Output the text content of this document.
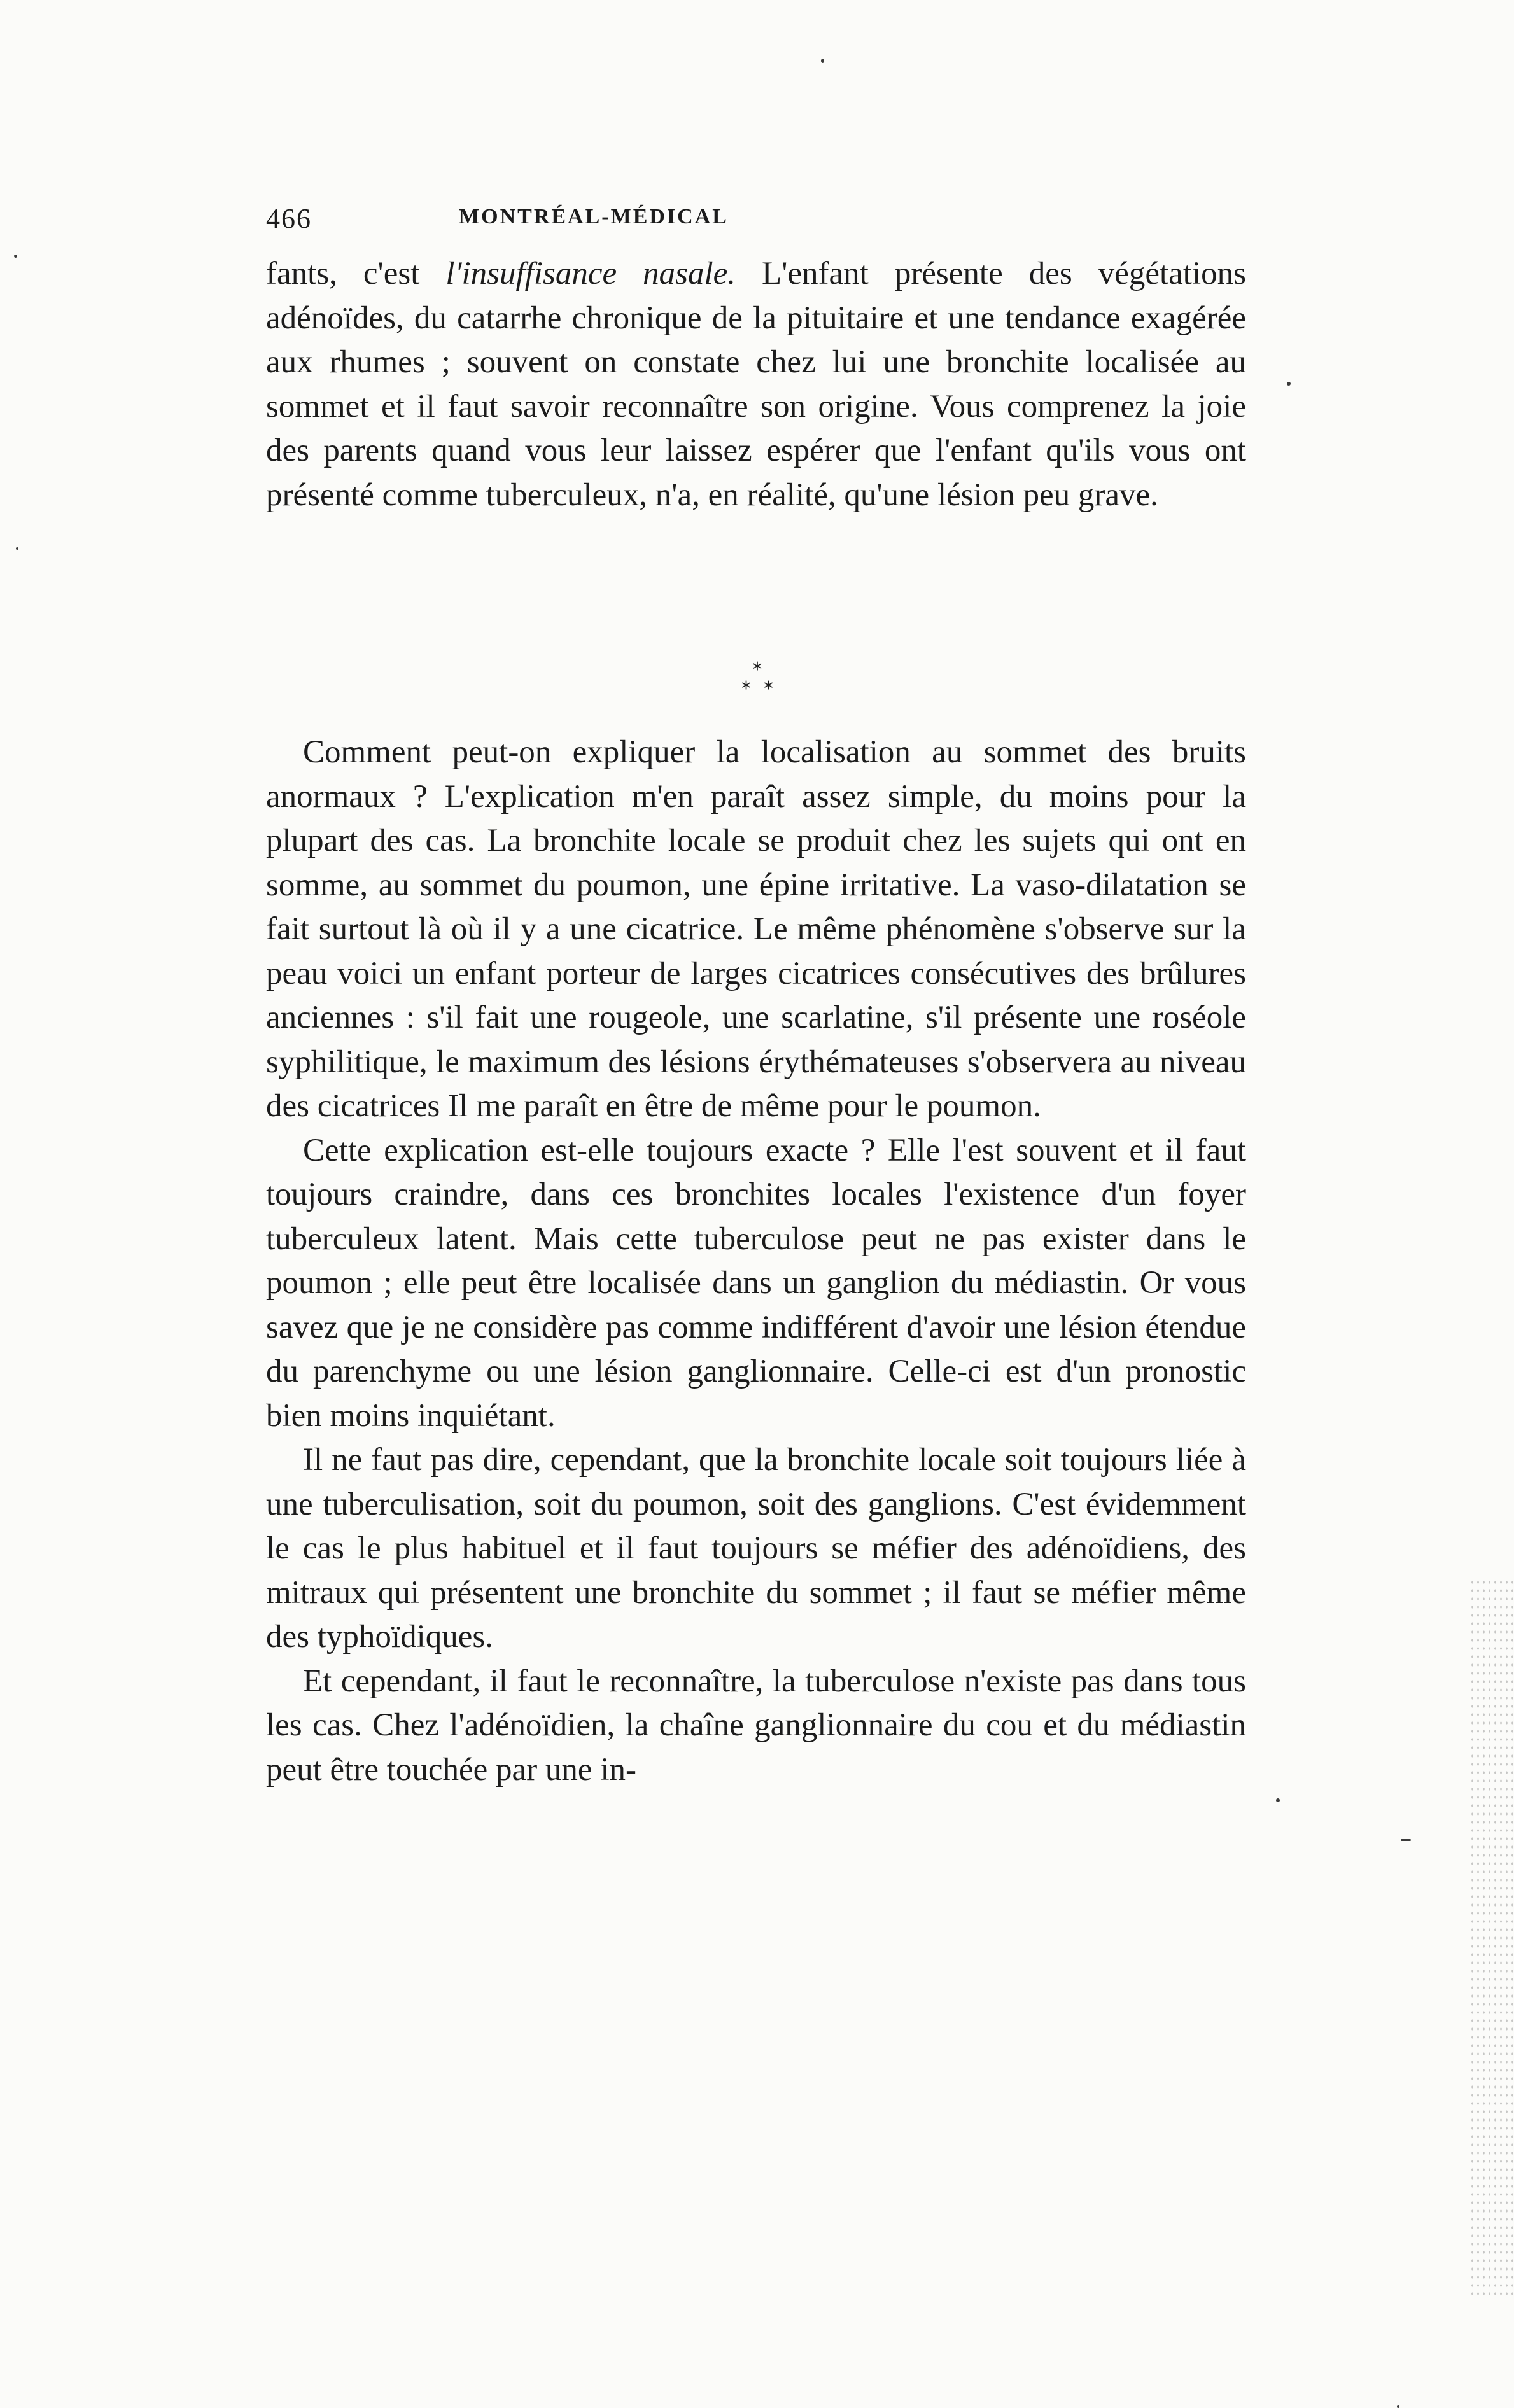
466	MONTRÉAL-MÉDICAL

fants, c'est l'insuffisance nasale. L'enfant présente des végétations adénoïdes, du catarrhe chronique de la pituitaire et une tendance exagérée aux rhumes ; souvent on constate chez lui une bronchite localisée au sommet et il faut savoir reconnaître son origine. Vous comprenez la joie des parents quand vous leur laissez espérer que l'enfant qu'ils vous ont présenté comme tuberculeux, n'a, en réalité, qu'une lésion peu grave.

*
**

Comment peut-on expliquer la localisation au sommet des bruits anormaux ? L'explication m'en paraît assez simple, du moins pour la plupart des cas. La bronchite locale se produit chez les sujets qui ont en somme, au sommet du poumon, une épine irritative. La vaso-dilatation se fait surtout là où il y a une cicatrice. Le même phénomène s'observe sur la peau voici un enfant porteur de larges cicatrices consécutives des brûlures anciennes : s'il fait une rougeole, une scarlatine, s'il présente une roséole syphilitique, le maximum des lésions érythémateuses s'observera au niveau des cicatrices Il me paraît en être de même pour le poumon.

Cette explication est-elle toujours exacte ? Elle l'est souvent et il faut toujours craindre, dans ces bronchites locales l'existence d'un foyer tuberculeux latent. Mais cette tuberculose peut ne pas exister dans le poumon ; elle peut être localisée dans un ganglion du médiastin. Or vous savez que je ne considère pas comme indifférent d'avoir une lésion étendue du parenchyme ou une lésion ganglionnaire. Celle-ci est d'un pronostic bien moins inquiétant.

Il ne faut pas dire, cependant, que la bronchite locale soit toujours liée à une tuberculisation, soit du poumon, soit des ganglions. C'est évidemment le cas le plus habituel et il faut toujours se méfier des adénoïdiens, des mitraux qui présentent une bronchite du sommet ; il faut se méfier même des typhoïdiques.

Et cependant, il faut le reconnaître, la tuberculose n'existe pas dans tous les cas. Chez l'adénoïdien, la chaîne ganglionnaire du cou et du médiastin peut être touchée par une in-
